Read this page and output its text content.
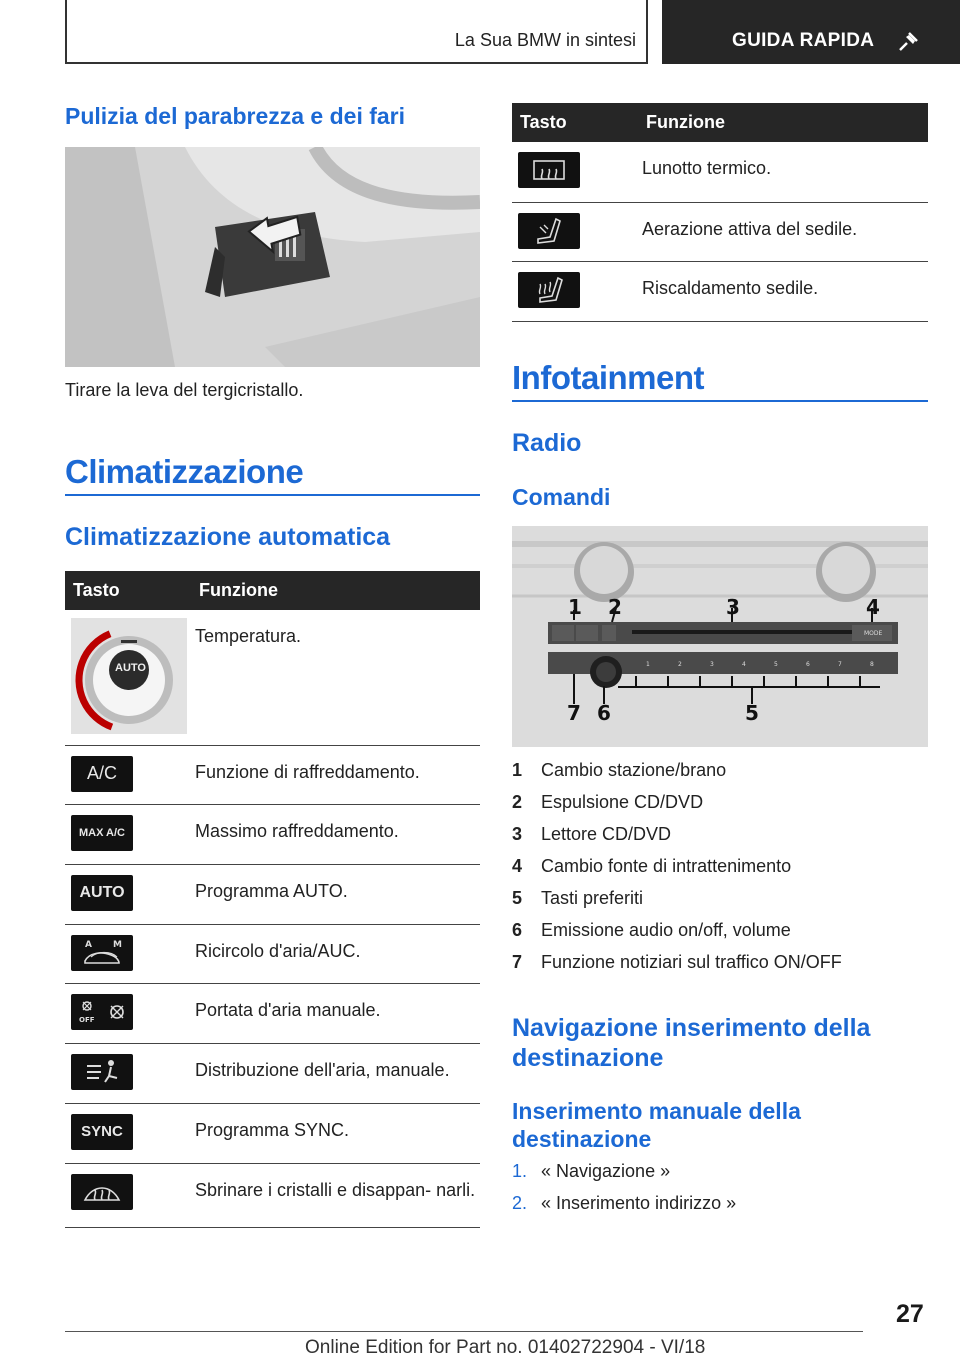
La Sua BMW in sintesi	GUIDA RAPIDA
Pulizia del parabrezza e dei fari
Tirare la leva del tergicristallo.
Climatizzazione
Climatizzazione automatica
Tasto	Funzione

AUTO	Temperatura.

A/C	Funzione di raffreddamento.

MAX A/C	Massimo raffreddamento.

AUTO	Programma AUTO.

A M	Ricircolo d'aria/AUC.

OFF	Portata d'aria manuale.

	Distribuzione dell'aria, manuale.

SYNC	Programma SYNC.

	Sbrinare i cristalli e disappan- narli.
Tasto	Funzione

	Lunotto termico.

	Aerazione attiva del sedile.

	Riscaldamento sedile.
Infotainment
Radio
Comandi
1 2	3	4
5
6
7
MODE
1	2	3	4	5	6	7	8
1	Cambio stazione/brano
2	Espulsione CD/DVD
3	Lettore CD/DVD
4	Cambio fonte di intrattenimento
5	Tasti preferiti
6	Emissione audio on/off, volume
7	Funzione notiziari sul traffico ON/OFF
Navigazione inserimento della destinazione
Inserimento manuale della destinazione
1. « Navigazione »
2. « Inserimento indirizzo »
27
Online Edition for Part no. 01402722904 - VI/18
